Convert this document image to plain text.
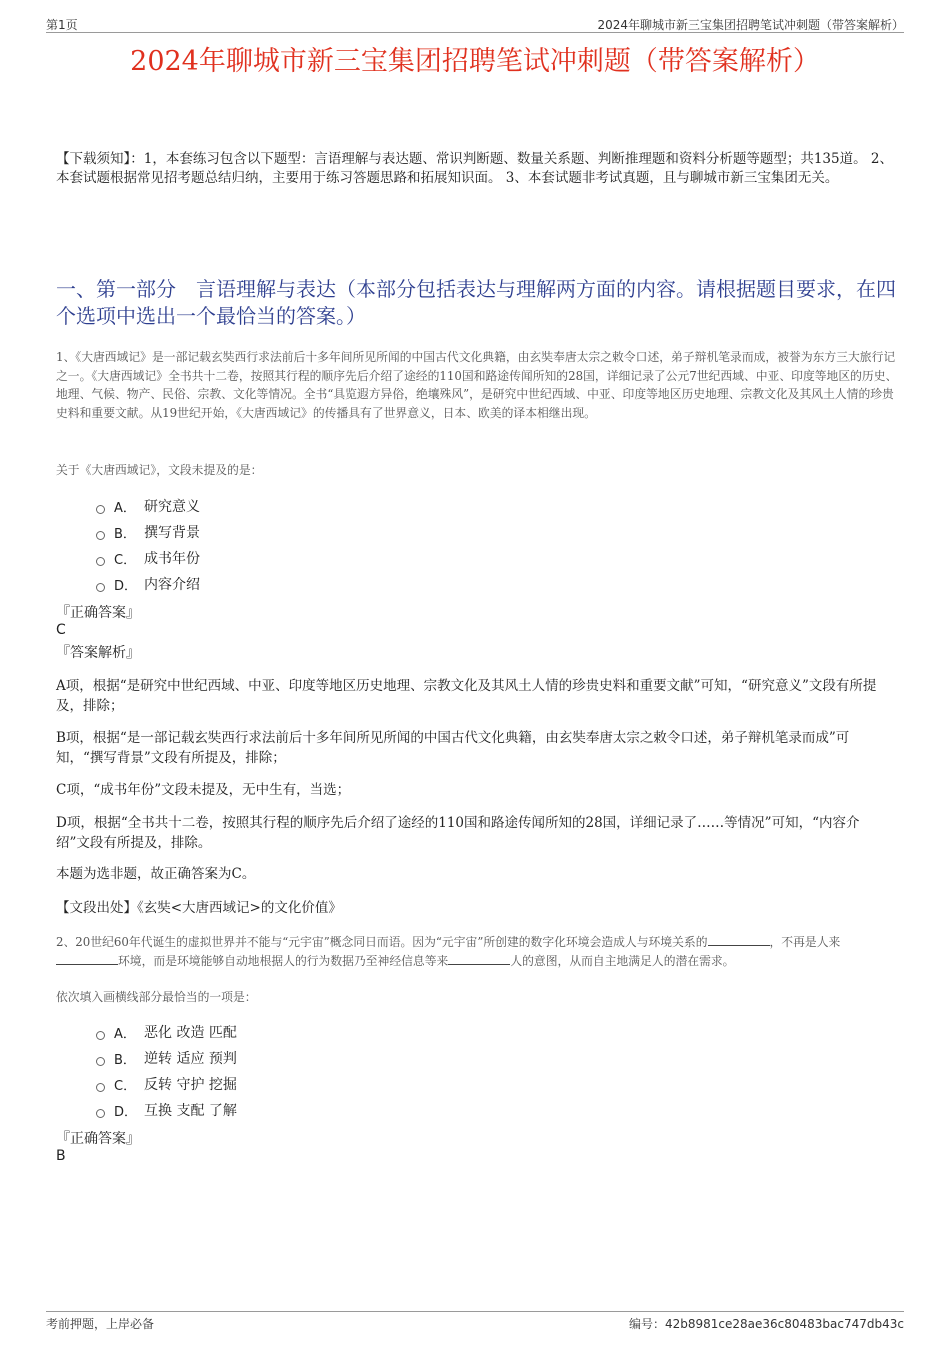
第1页	2024年聊城市新三宝集团招聘笔试冲刺题（带答案解析）
2024年聊城市新三宝集团招聘笔试冲刺题（带答案解析）
【下载须知】：1，本套练习包含以下题型：言语理解与表达题、常识判断题、数量关系题、判断推理题和资料分析题等题型；共135道。 2、本套试题根据常见招考题总结归纳，主要用于练习答题思路和拓展知识面。 3、本套试题非考试真题，且与聊城市新三宝集团无关。
一、第一部分　言语理解与表达（本部分包括表达与理解两方面的内容。请根据题目要求，在四个选项中选出一个最恰当的答案。）
1、《大唐西域记》是一部记载玄奘西行求法前后十多年间所见所闻的中国古代文化典籍，由玄奘奉唐太宗之敕令口述，弟子辩机笔录而成，被誉为东方三大旅行记之一。《大唐西域记》全书共十二卷，按照其行程的顺序先后介绍了途经的110国和路途传闻所知的28国，详细记录了公元7世纪西域、中亚、印度等地区的历史、地理、气候、物产、民俗、宗教、文化等情况。全书“具览遐方异俗，绝壤殊风”，是研究中世纪西域、中亚、印度等地区历史地理、宗教文化及其风土人情的珍贵史料和重要文献。从19世纪开始，《大唐西域记》的传播具有了世界意义，日本、欧美的译本相继出现。
关于《大唐西域记》，文段未提及的是：
A． 研究意义
B． 撰写背景
C． 成书年份
D． 内容介绍
『正确答案』
C
『答案解析』
A项，根据“是研究中世纪西域、中亚、印度等地区历史地理、宗教文化及其风土人情的珍贵史料和重要文献”可知，“研究意义”文段有所提及，排除；
B项，根据“是一部记载玄奘西行求法前后十多年间所见所闻的中国古代文化典籍，由玄奘奉唐太宗之敕令口述，弟子辩机笔录而成”可知，“撰写背景”文段有所提及，排除；
C项，“成书年份”文段未提及，无中生有，当选；
D项，根据“全书共十二卷，按照其行程的顺序先后介绍了途经的110国和路途传闻所知的28国，详细记录了……等情况”可知，“内容介绍”文段有所提及，排除。
本题为选非题，故正确答案为C。
【文段出处】《玄奘<大唐西域记>的文化价值》
2、20世纪60年代诞生的虚拟世界并不能与“元宇宙”概念同日而语。因为“元宇宙”所创建的数字化环境会造成人与环境关系的	，不再是人来环境，而是环境能够自动地根据人的行为数据乃至神经信息等来	人的意图，从而自主地满足人的潜在需求。
依次填入画横线部分最恰当的一项是：
A． 恶化 改造 匹配
B． 逆转 适应 预判
C． 反转 守护 挖掘
D． 互换 支配 了解
『正确答案』
B
考前押题，上岸必备	编号：42b8981ce28ae36c80483bac747db43c
